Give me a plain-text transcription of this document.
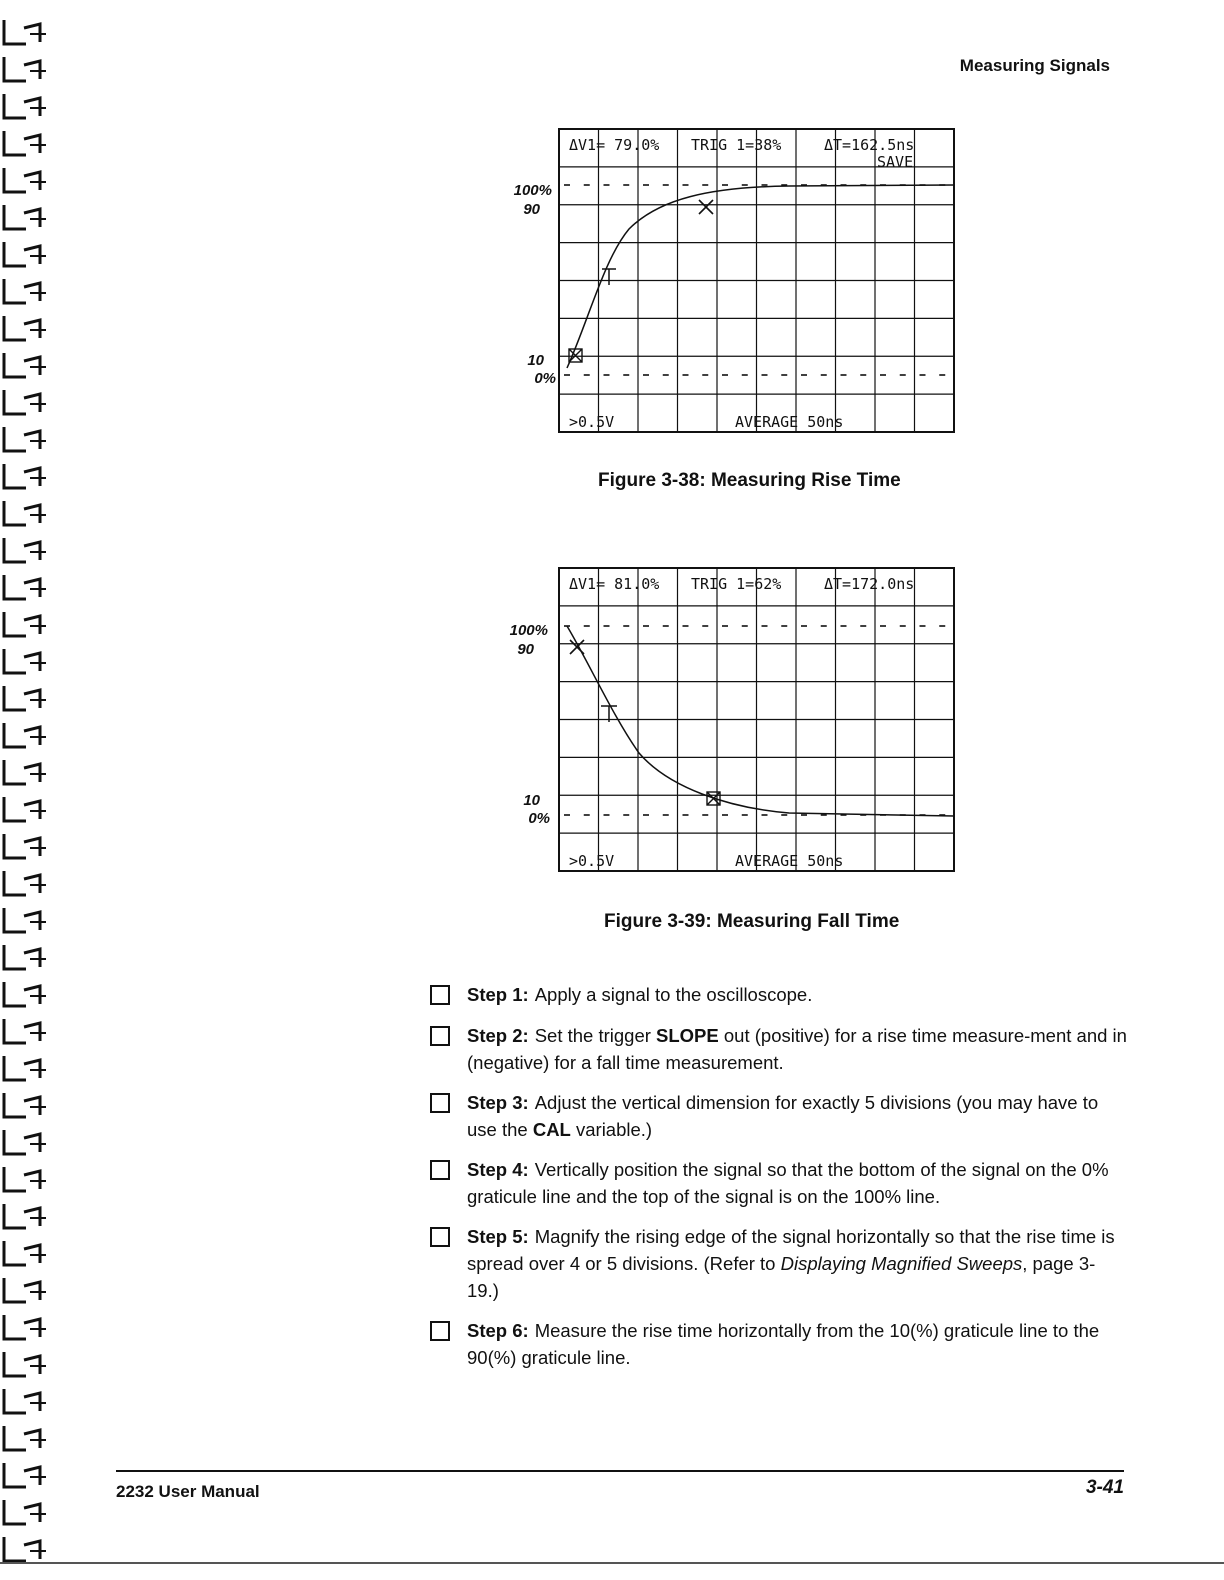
Measuring Signals
100%
90
10
0%
ΔV1= 79.0% TRIG 1=38%	ΔT=162.5ns
SAVE
>0.5V	AVERAGE 50ns
Figure 3-38: Measuring Rise Time
100%
90
10
0%
ΔV1= 81.0% TRIG 1=62%	ΔT=172.0ns
>0.5V	AVERAGE 50ns
Figure 3-39: Measuring Fall Time
Step 1: Apply a signal to the oscilloscope.
Step 2: Set the trigger SLOPE out (positive) for a rise time measure-ment and in (negative) for a fall time measurement.
Step 3: Adjust the vertical dimension for exactly 5 divisions (you may have to use the CAL variable.)
Step 4: Vertically position the signal so that the bottom of the signal on the 0% graticule line and the top of the signal is on the 100% line.
Step 5: Magnify the rising edge of the signal horizontally so that the rise time is spread over 4 or 5 divisions. (Refer to Displaying Magnified Sweeps, page 3-19.)
Step 6: Measure the rise time horizontally from the 10(%) graticule line to the 90(%) graticule line.
2232 User Manual	3-41
